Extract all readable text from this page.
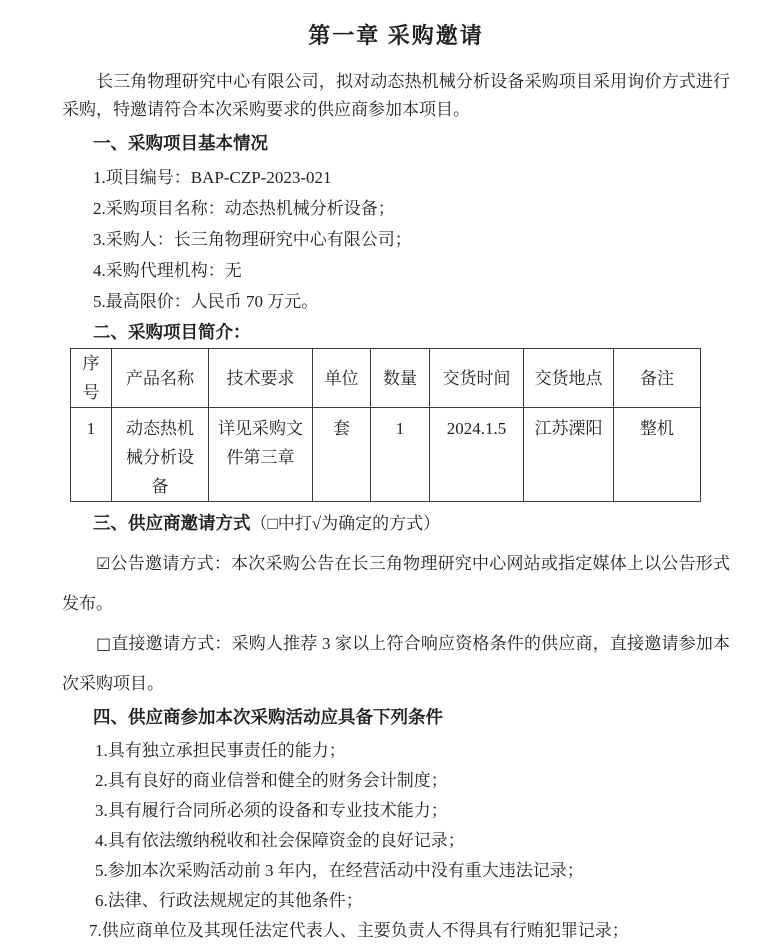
第一章 采购邀请

长三角物理研究中心有限公司，拟对动态热机械分析设备采购项目采用询价方式进行采购，特邀请符合本次采购要求的供应商参加本项目。

一、采购项目基本情况

1.项目编号：BAP-CZP-2023-021

2.采购项目名称：动态热机械分析设备；

3.采购人：长三角物理研究中心有限公司；

4.采购代理机构：无

5.最高限价：人民币 70 万元。

二、采购项目简介：
序号	产品名称	技术要求	单位	数量	交货时间	交货地点	备注
1	动态热机械分析设备	详见采购文件第三章	套	1	2024.1.5	江苏溧阳	整机
三、供应商邀请方式（□中打√为确定的方式）

☑公告邀请方式：本次采购公告在长三角物理研究中心网站或指定媒体上以公告形式发布。

□直接邀请方式：采购人推荐 3 家以上符合响应资格条件的供应商，直接邀请参加本次采购项目。

四、供应商参加本次采购活动应具备下列条件

1.具有独立承担民事责任的能力；

2.具有良好的商业信誉和健全的财务会计制度；

3.具有履行合同所必须的设备和专业技术能力；

4.具有依法缴纳税收和社会保障资金的良好记录；

5.参加本次采购活动前 3 年内，在经营活动中没有重大违法记录；

6.法律、行政法规规定的其他条件；

7.供应商单位及其现任法定代表人、主要负责人不得具有行贿犯罪记录；
